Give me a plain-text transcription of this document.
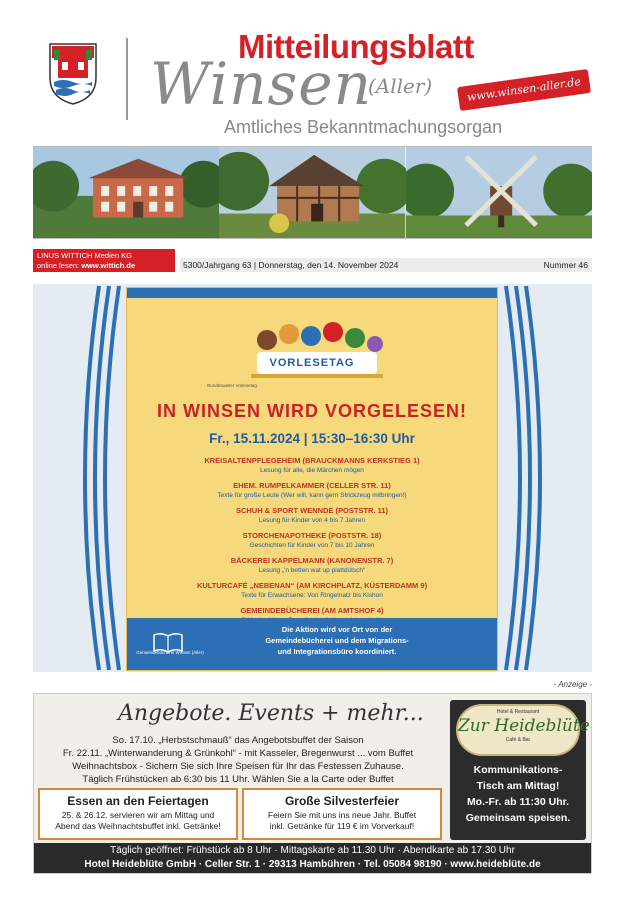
Mitteilungsblatt
Winsen
(Aller)	www.winsen-aller.de
Amtliches Bekanntmachungsorgan
LINUS WITTICH Medien KG
online lesen: www.wittich.de	5300/Jahrgang 63 | Donnerstag, den 14. November 2024	Nummer 46
VORLESETAG
Bundesweiter Vorlesetag
IN WINSEN WIRD VORGELESEN!
Fr., 15.11.2024 | 15:30–16:30 Uhr
KREISALTENPFLEGEHEIM (BRAUCKMANNS KERKSTIEG 1)
Lesung für alle, die Märchen mögen
EHEM. RUMPELKAMMER (CELLER STR. 11)
Texte für große Leute (Wer will, kann gern Strickzeug mitbringen!)
SCHUH & SPORT WENNDE (POSTSTR. 11)
Lesung für Kinder von 4 bis 7 Jahren
STORCHENAPOTHEKE (POSTSTR. 18)
Geschichten für Kinder von 7 bis 10 Jahren
BÄCKEREI KAPPELMANN (KANONENSTR. 7)
Lesung „'n betten wat up plattdütsch“
KULTURCAFÉ „NEBENAN“ (AM KIRCHPLATZ, KÜSTERDAMM 9)
Texte für Erwachsene: Von Ringelnatz bis Kishon
GEMEINDEBÜCHEREI (AM AMTSHOF 4)
Gemeindebücherei Winsen (Aller)
Die Aktion wird vor Ort von der
Gemeindebücherei und dem Migrations-
und Integrationsbüro koordiniert.
- Anzeige -
Angebote. Events + mehr...
So. 17.10. „Herbstschmauß“ das Angebotsbuffet der Saison
Fr. 22.11. „Winterwanderung & Grünkohl“ - mit Kasseler, Bregenwurst ... vom Buffet
Weihnachtsbox - Sichern Sie sich Ihre Speisen für Ihr das Festessen Zuhause.
Täglich Frühstücken ab 6:30 bis 11 Uhr. Wählen Sie a la Carte oder Buffet
Essen an den Feiertagen
25. & 26.12. servieren wir am Mittag und
Abend das Weihnachtsbuffet inkl. Getränke!
Große Silvesterfeier
Feiern Sie mit uns ins neue Jahr. Buffet
inkl. Getränke für 119 € im Vorverkauf!
Hotel & Restaurant
Zur Heideblüte
Café & Bar
Kommunikations-
Tisch am Mittag!
Mo.-Fr. ab 11:30 Uhr.
Gemeinsam speisen.
Täglich geöffnet: Frühstück ab 8 Uhr · Mittagskarte ab 11.30 Uhr · Abendkarte ab 17.30 Uhr
Hotel Heideblüte GmbH · Celler Str. 1 · 29313 Hambühren · Tel. 05084 98190 · www.heideblüte.de
